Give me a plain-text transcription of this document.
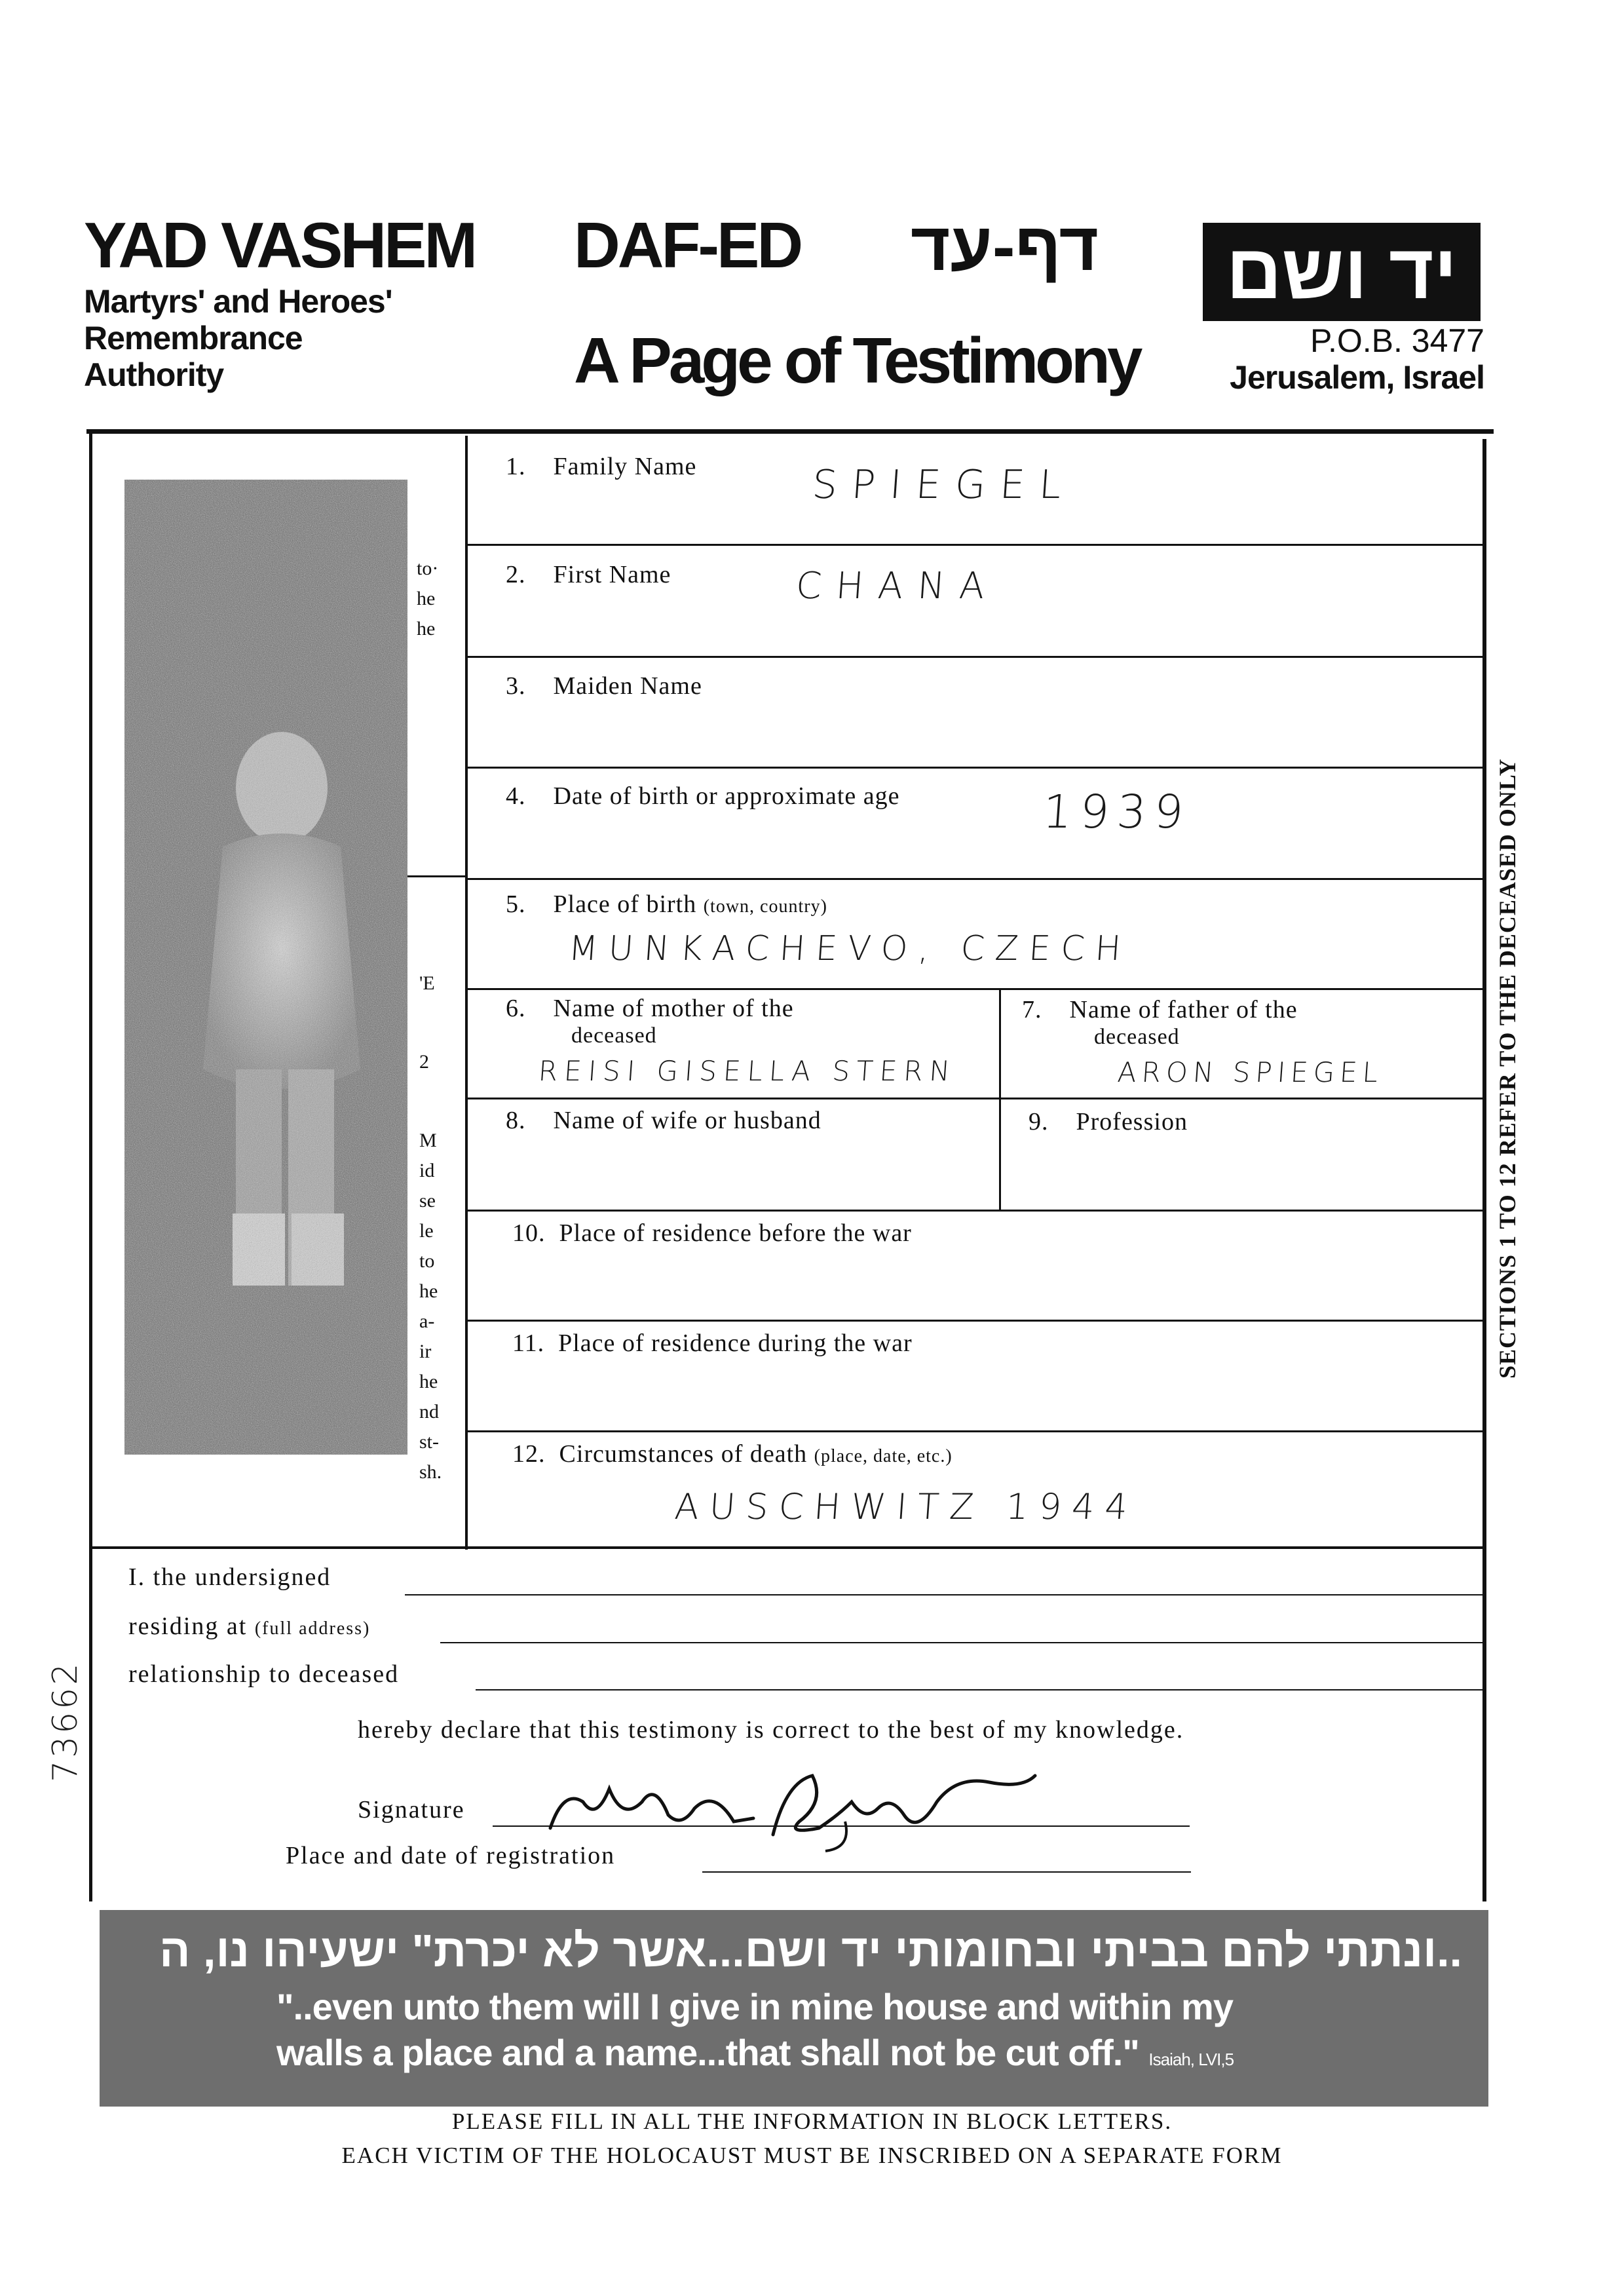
YAD VASHEM
Martyrs' and Heroes'
Remembrance
Authority
DAF-ED דף-עד
A Page of Testimony
יד ושם
P.O.B. 3477
Jerusalem, Israel
SECTIONS 1 TO 12 REFER TO THE DECEASED ONLY
to·
he
he
'E
2
M
id
se
le
to
he
a-
ir
he
nd
st-
sh.
1. Family Name	SPIEGEL
2. First Name	CHANA
3. Maiden Name
4. Date of birth or approximate age	1939
5. Place of birth (town, country)
MUNKACHEVO, CZECH
6. Name of mother of the
deceased
REISI GISELLA STERN
7. Name of father of the
deceased
ARON SPIEGEL
8. Name of wife or husband	9. Profession
10. Place of residence before the war
11. Place of residence during the war
12. Circumstances of death (place, date, etc.)
AUSCHWITZ 1944
I. the undersigned
residing at (full address)
relationship to deceased
hereby declare that this testimony is correct to the best of my knowledge.
Signature
Place and date of registration
73662
..ונתתי להם בביתי ובחומותי יד ושם...אשר לא יכרת" ישעיהו נו, ה
"..even unto them will I give in mine house and within my
walls a place and a name...that shall not be cut off." Isaiah, LVI,5
PLEASE FILL IN ALL THE INFORMATION IN BLOCK LETTERS.
EACH VICTIM OF THE HOLOCAUST MUST BE INSCRIBED ON A SEPARATE FORM
